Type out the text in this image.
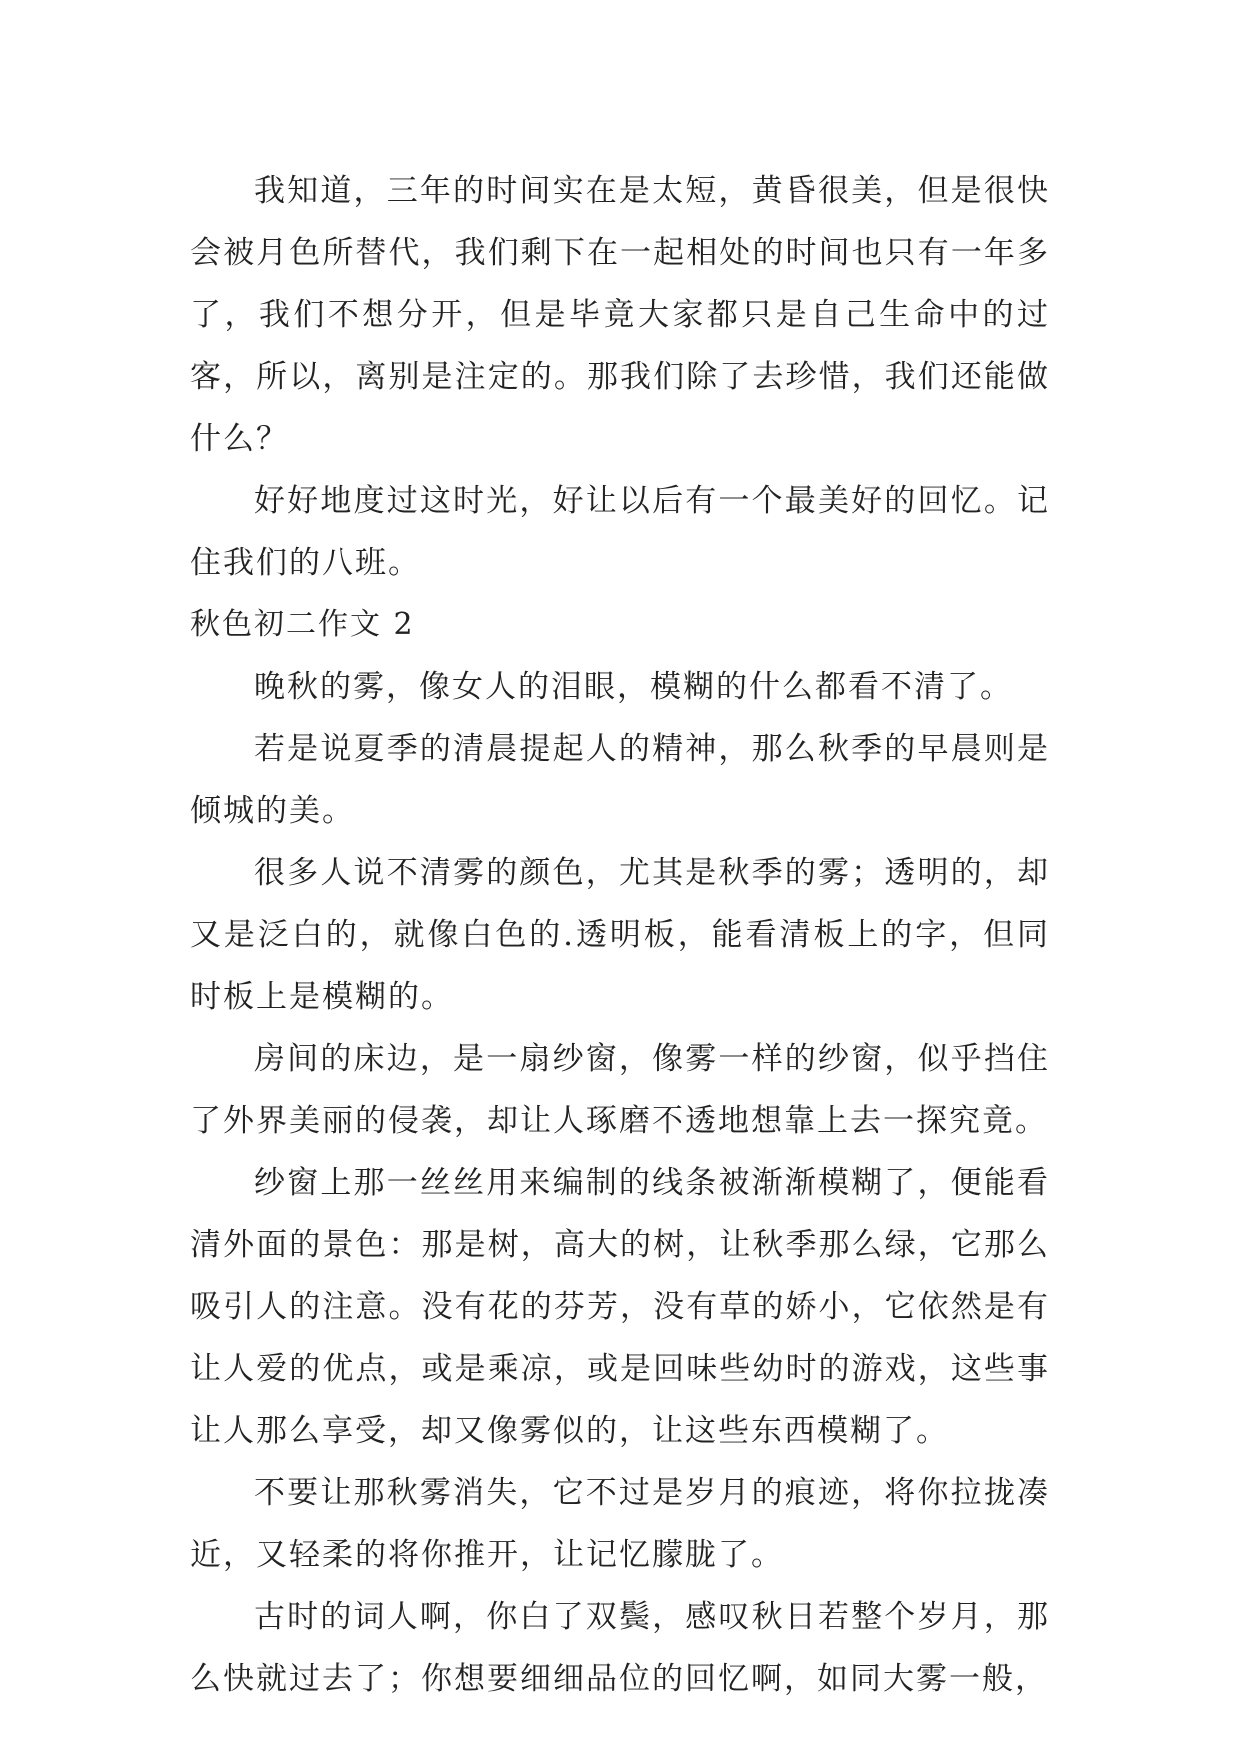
我知道，三年的时间实在是太短，黄昏很美，但是很快会被月色所替代，我们剩下在一起相处的时间也只有一年多了，我们不想分开，但是毕竟大家都只是自己生命中的过客，所以，离别是注定的。那我们除了去珍惜，我们还能做什么？

好好地度过这时光，好让以后有一个最美好的回忆。记住我们的八班。

秋色初二作文 2

晚秋的雾，像女人的泪眼，模糊的什么都看不清了。

若是说夏季的清晨提起人的精神，那么秋季的早晨则是倾城的美。

很多人说不清雾的颜色，尤其是秋季的雾；透明的，却又是泛白的，就像白色的.透明板，能看清板上的字，但同时板上是模糊的。

房间的床边，是一扇纱窗，像雾一样的纱窗，似乎挡住了外界美丽的侵袭，却让人琢磨不透地想靠上去一探究竟。

纱窗上那一丝丝用来编制的线条被渐渐模糊了，便能看清外面的景色：那是树，高大的树，让秋季那么绿，它那么吸引人的注意。没有花的芬芳，没有草的娇小，它依然是有让人爱的优点，或是乘凉，或是回味些幼时的游戏，这些事让人那么享受，却又像雾似的，让这些东西模糊了。

不要让那秋雾消失，它不过是岁月的痕迹，将你拉拢凑近，又轻柔的将你推开，让记忆朦胧了。

古时的词人啊，你白了双鬓，感叹秋日若整个岁月，那么快就过去了；你想要细细品位的回忆啊，如同大雾一般，
